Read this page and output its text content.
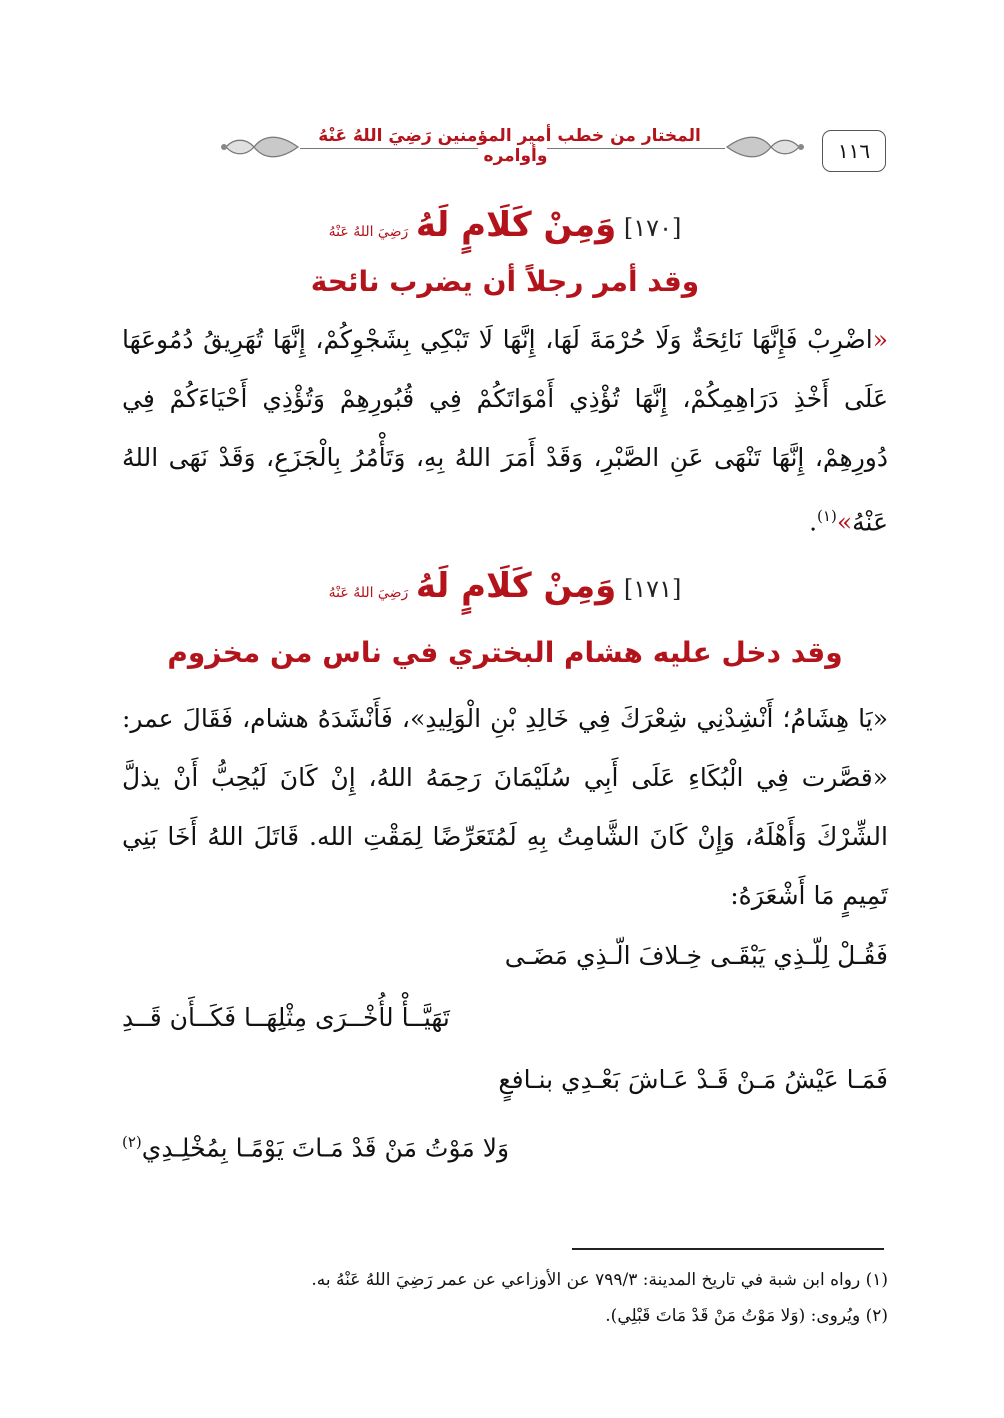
المختار من خطب أمير المؤمنين رَضِيَ اللهُ عَنْهُ وأوامره	١١٦
[١٧٠] وَمِنْ كَلَامٍ لَهُ رَضِيَ اللهُ عَنْهُ
وقد أمر رجلاً أن يضرب نائحة

«اضْرِبْ فَإِنَّهَا نَائِحَةٌ وَلَا حُرْمَةَ لَهَا، إِنَّهَا لَا تَبْكِي بِشَجْوِكُمْ، إِنَّهَا تُهَرِيقُ دُمُوعَهَا عَلَى أَخْذِ دَرَاهِمِكُمْ، إِنَّهَا تُؤْذِي أَمْوَاتَكُمْ فِي قُبُورِهِمْ وَتُؤْذِي أَحْيَاءَكُمْ فِي دُورِهِمْ، إِنَّهَا تَنْهَى عَنِ الصَّبْرِ، وَقَدْ أَمَرَ اللهُ بِهِ، وَتَأْمُرُ بِالْجَزَعِ، وَقَدْ نَهَى اللهُ عَنْهُ»$^{(١)}$.

[١٧١] وَمِنْ كَلَامٍ لَهُ رَضِيَ اللهُ عَنْهُ
وقد دخل عليه هشام البختري في ناس من مخزوم

«يَا هِشَامُ؛ أَنْشِدْنِي شِعْرَكَ فِي خَالِدِ بْنِ الْوَلِيدِ»، فَأَنْشَدَهُ هشام، فَقَالَ عمر: «قصَّرت فِي الْبُكَاءِ عَلَى أَبِي سُلَيْمَانَ رَحِمَهُ اللهُ، إِنْ كَانَ لَيُحِبُّ أَنْ يذلَّ الشِّرْكَ وَأَهْلَهُ، وَإِنْ كَانَ الشَّامِتُ بِهِ لَمُتَعَرِّضًا لِمَقْتِ الله. قَاتَلَ اللهُ أَخَا بَنِي تَمِيمٍ مَا أَشْعَرَهُ:

فَقُـلْ لِلّـذِي يَبْقَـى خِـلافَ الّـذِي مَضَـى
تَهَيَّــأْ لأُخْــرَى مِثْلِهَــا فَكَــأَن قَــدِ
فَمَـا عَيْشُ مَـنْ قَـدْ عَـاشَ بَعْـدِي بنـافعٍ
وَلا مَوْتُ مَنْ قَدْ مَـاتَ يَوْمًـا بِمُخْلِـدِي$^{(٢)}$
(١) رواه ابن شبة في تاريخ المدينة: ٧٩٩/٣ عن الأوزاعي عن عمر رَضِيَ اللهُ عَنْهُ به.
(٢) ويُروى: (وَلا مَوْتُ مَنْ قَدْ مَاتَ قَبْلِي).
